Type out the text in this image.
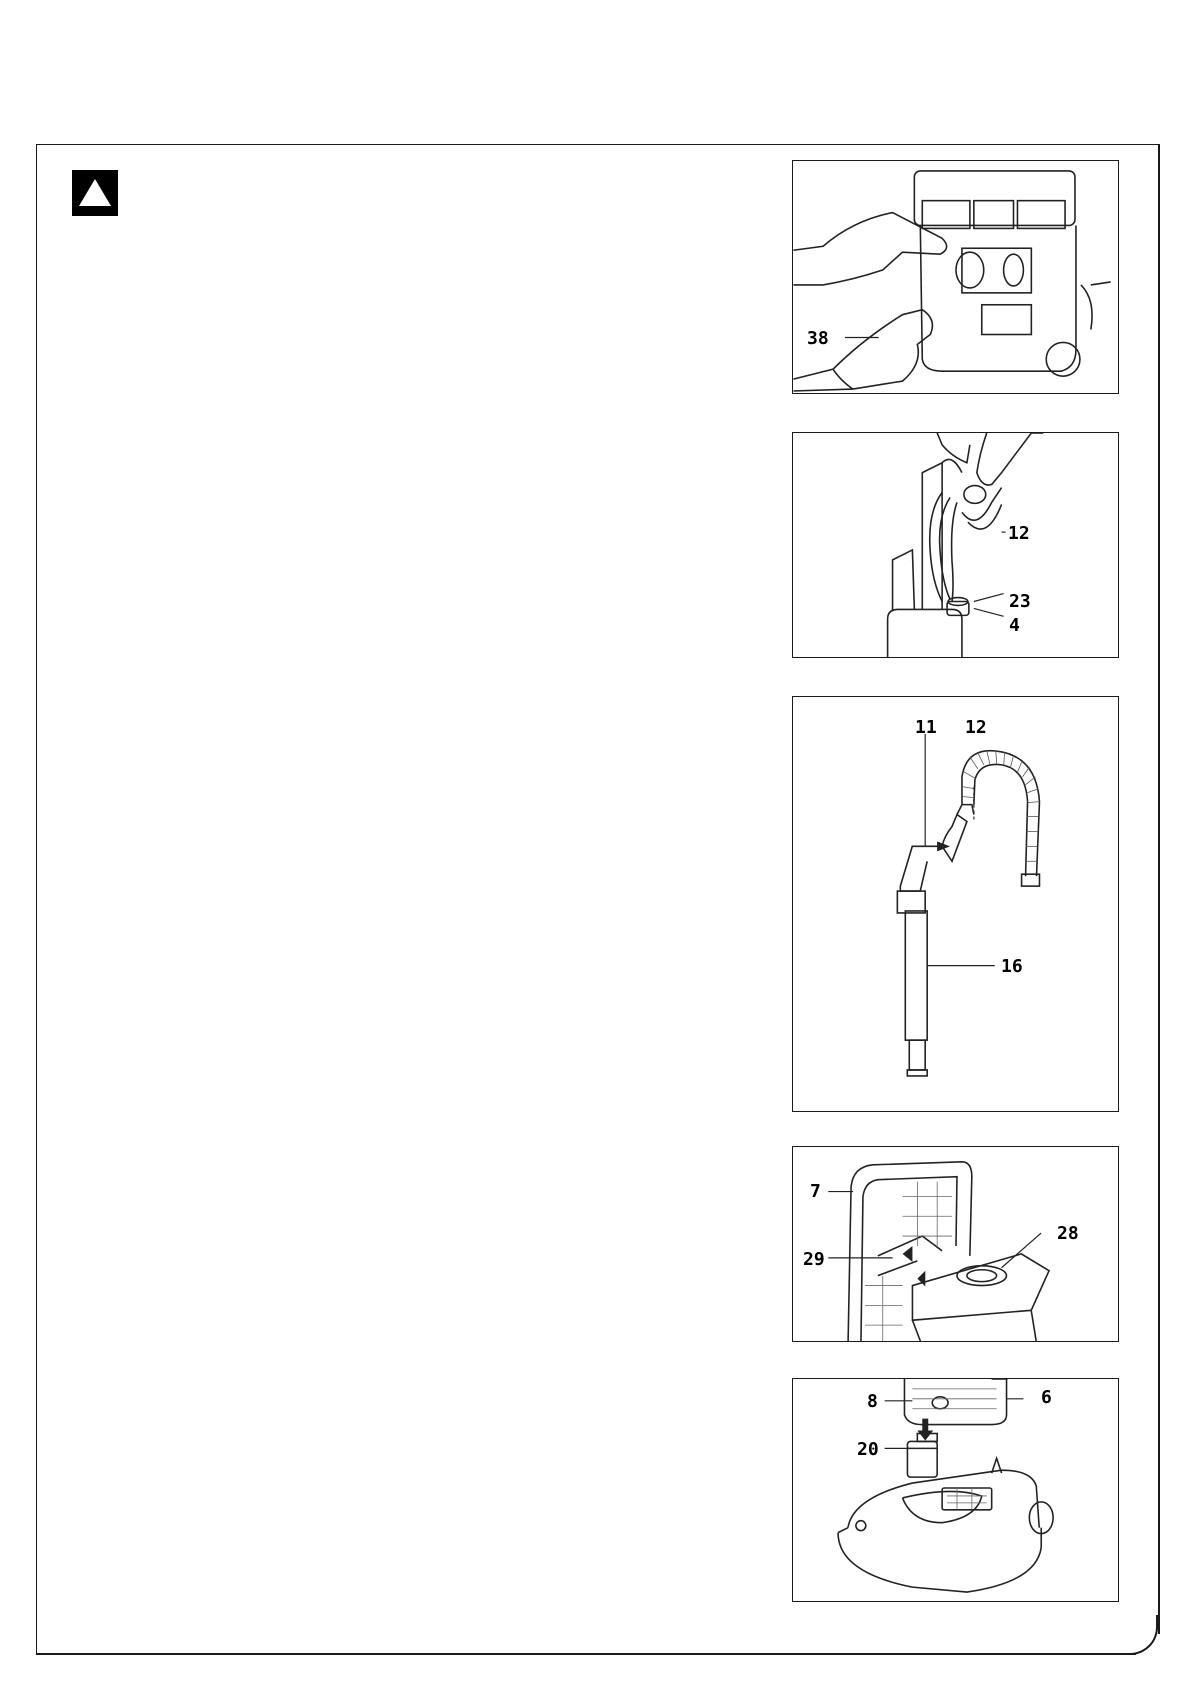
38
12
23
4
11 12
16
7
28
29
8	6
20
